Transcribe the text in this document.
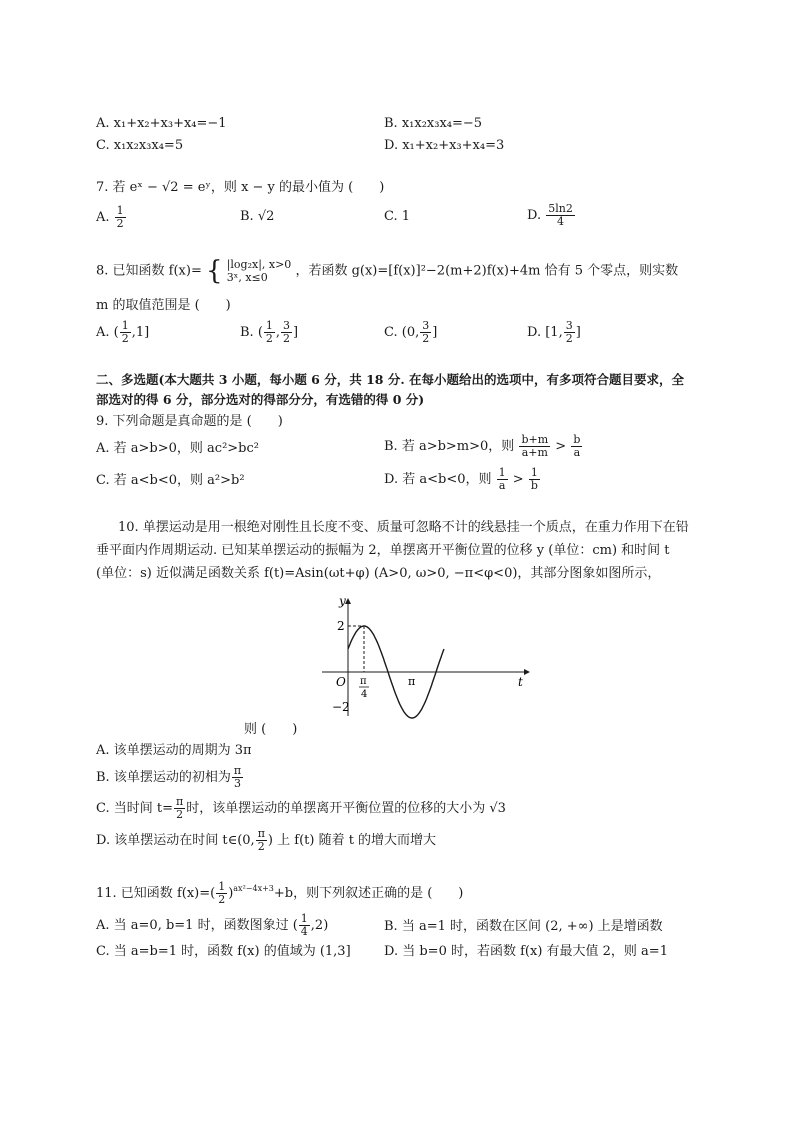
A. x₁+x₂+x₃+x₄=−1	B. x₁x₂x₃x₄=−5
C. x₁x₂x₃x₄=5	D. x₁+x₂+x₃+x₄=3
7. 若 eˣ − √2 = eʸ，则 x − y 的最小值为 (　　)
A. $\frac{1}{2}$	B. √2	C. 1	D. $\frac{5\ln 2}{4}$
8. 已知函数 f(x)= { |log₂x|, x>0
3ˣ, x≤0	，若函数 g(x)=[f(x)]²−2(m+2)f(x)+4m 恰有 5 个零点，则实数
m 的取值范围是 (　　)
A. ( $\frac{1}{2} ,1$]	B. ( $\frac{1}{2}$ , $\frac{3}{2}$ ]	C. (0, $\frac{3}{2}$ ]	D. [1, $\frac{3}{2}$ ]
二、多选题(本大题共 3 小题，每小题 6 分，共 18 分. 在每小题给出的选项中，有多项符合题目要求，全
部选对的得 6 分，部分选对的得部分分，有选错的得 0 分)
9. 下列命题是真命题的是 (　　)
A. 若 a>b>0，则 ac²>bc²	B. 若 a>b>m>0，则 $\frac{b+m}{a+m} > \frac{b}{a}$
C. 若 a<b<0，则 a²>b²	D. 若 a<b<0，则 $\frac{1}{a} > \frac{1}{b}$
10. 单摆运动是用一根绝对刚性且长度不变、质量可忽略不计的线悬挂一个质点，在重力作用下在铅
垂平面内作周期运动. 已知某单摆运动的振幅为 2，单摆离开平衡位置的位移 y (单位：cm) 和时间 t
(单位：s) 近似满足函数关系 f(t)=Asin(ωt+φ) (A>0, ω>0, −π<φ<0)，其部分图象如图所示，
y
t
O
2
−2
π
4
π
则 (　　)
A. 该单摆运动的周期为 3π
B. 该单摆运动的初相为 $\frac{\pi}{3}$
C. 当时间 $t= \frac{\pi}{2}$ 时，该单摆运动的单摆离开平衡位置的位移的大小为 √3
D. 该单摆运动在时间 t∈(0, $\frac{\pi}{2}$ ) 上 f(t) 随着 t 的增大而增大
11. 已知函数 $f(x)=( \frac{1}{2} )^{ax^2-4x+3}+b$，则下列叙述正确的是 (　　)
A. 当 a=0, b=1 时，函数图象过 ( $\frac{1}{4} ,2$)	B. 当 a=1 时，函数在区间 (2, +∞) 上是增函数
C. 当 a=b=1 时，函数 f(x) 的值域为 (1,3]	D. 当 b=0 时，若函数 f(x) 有最大值 2，则 a=1
